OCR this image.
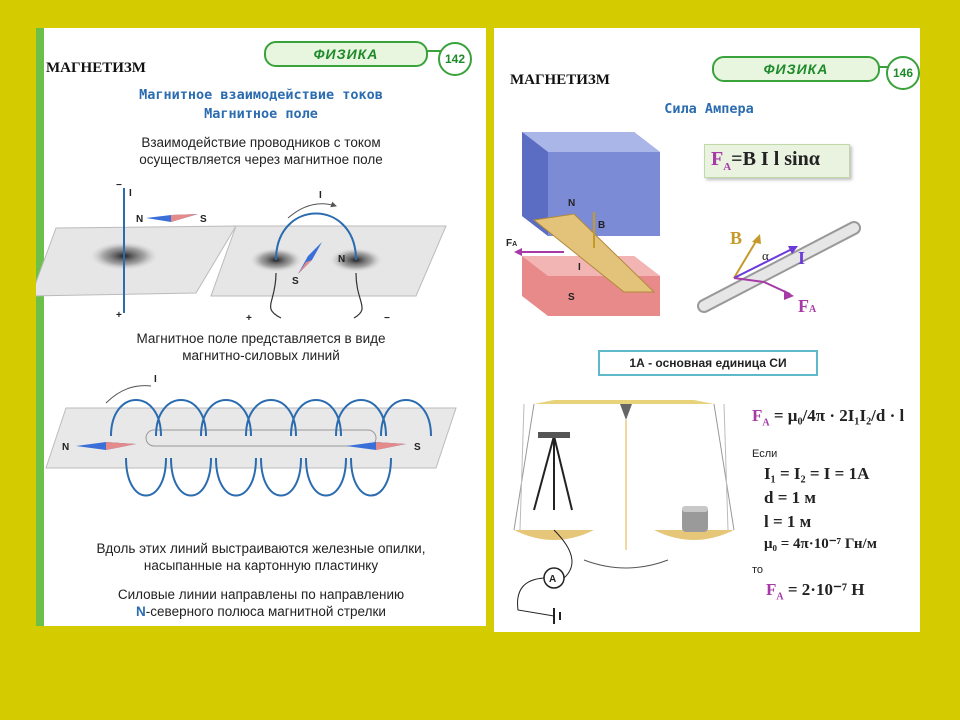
ФИЗИКА	142
МАГНЕТИЗМ
Магнитное взаимодействие токов
Магнитное поле
Взаимодействие проводников с током
осуществляется через магнитное поле
−
+
I
N	S
I
N
S
+	−
Магнитное поле представляется в виде
магнитно-силовых линий
I
N	S
Вдоль этих линий выстраиваются железные опилки,
насыпанные на картонную пластинку
Силовые линии направлены по направлению
N-северного полюса магнитной стрелки
ФИЗИКА	146
МАГНЕТИЗМ
Сила Ампера
$F_A=B$ I l sinα
N
S
FA
B
I
B
α I
FA
1А - основная единица СИ
A
$F_A = \mu_0/4\pi \cdot 2I_1I_2/d \cdot l$
Если
I₁ = I₂ = I = 1А
d = 1 м
l = 1 м
μ₀ = 4π·10⁻⁷ Гн/м
то
$F_A = 2\cdot 10^{-7}$ Н
